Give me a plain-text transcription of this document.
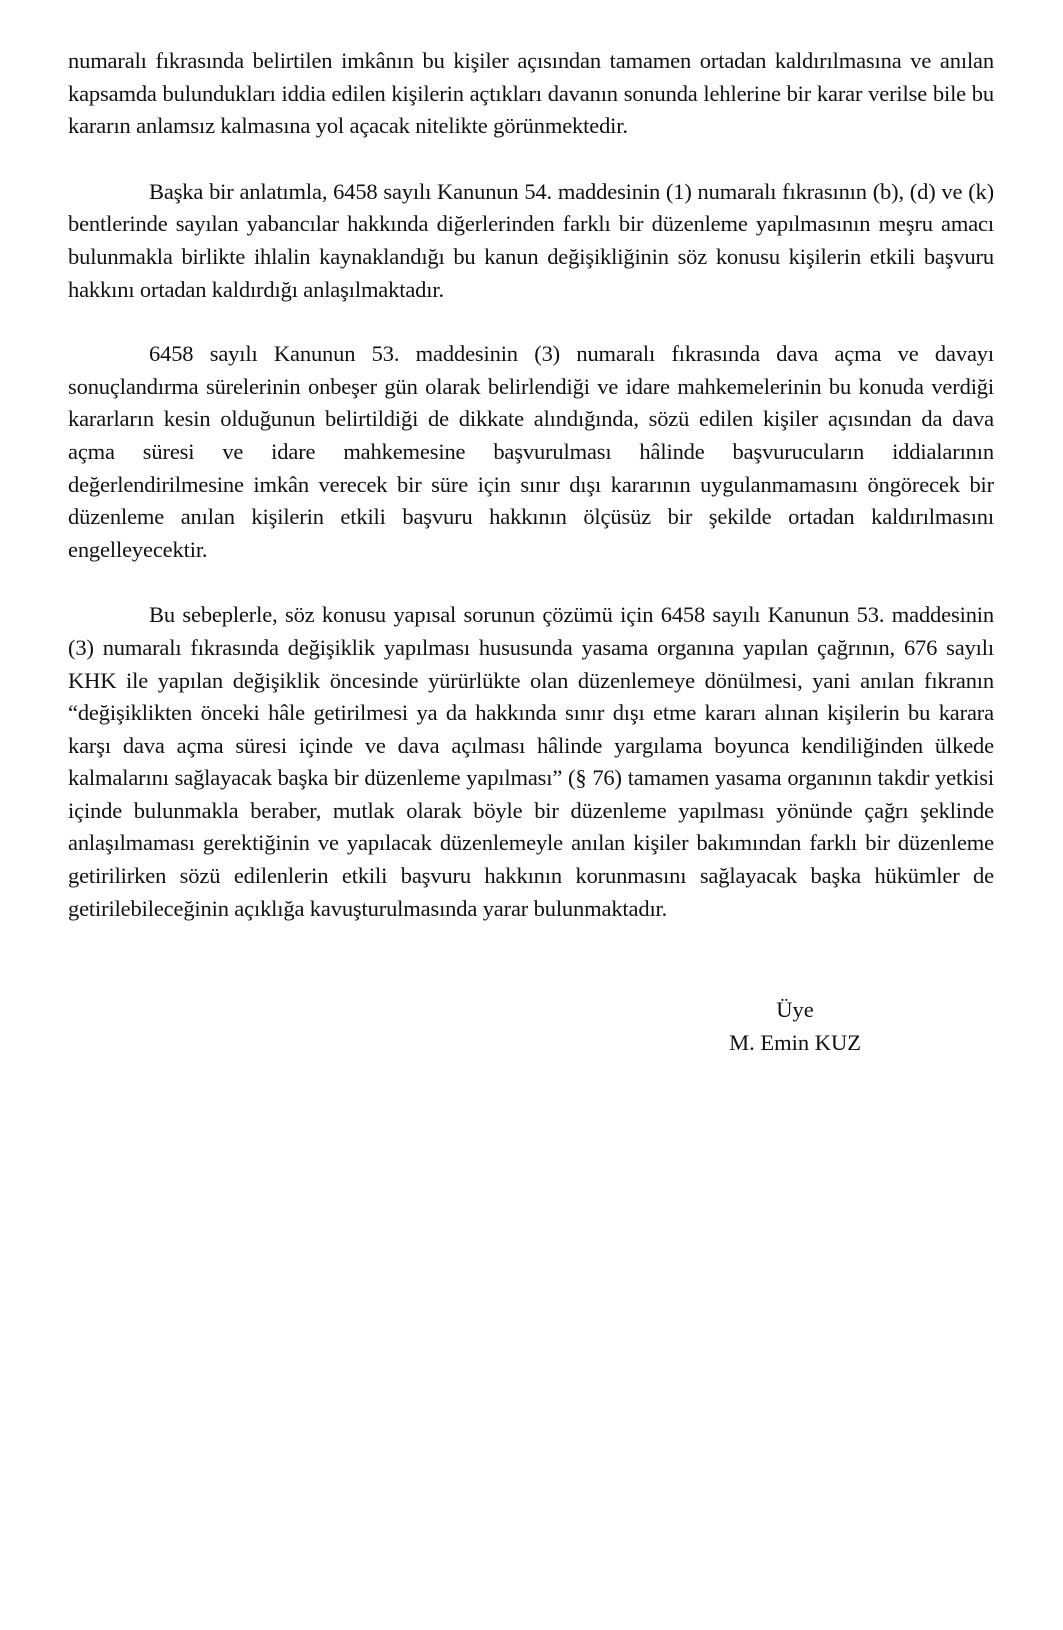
numaralı fıkrasında belirtilen imkânın bu kişiler açısından tamamen ortadan kaldırılmasına ve anılan kapsamda bulundukları iddia edilen kişilerin açtıkları davanın sonunda lehlerine bir karar verilse bile bu kararın anlamsız kalmasına yol açacak nitelikte görünmektedir.

Başka bir anlatımla, 6458 sayılı Kanunun 54. maddesinin (1) numaralı fıkrasının (b), (d) ve (k) bentlerinde sayılan yabancılar hakkında diğerlerinden farklı bir düzenleme yapılmasının meşru amacı bulunmakla birlikte ihlalin kaynaklandığı bu kanun değişikliğinin söz konusu kişilerin etkili başvuru hakkını ortadan kaldırdığı anlaşılmaktadır.

6458 sayılı Kanunun 53. maddesinin (3) numaralı fıkrasında dava açma ve davayı sonuçlandırma sürelerinin onbeşer gün olarak belirlendiği ve idare mahkemelerinin bu konuda verdiği kararların kesin olduğunun belirtildiği de dikkate alındığında, sözü edilen kişiler açısından da dava açma süresi ve idare mahkemesine başvurulması hâlinde başvurucuların iddialarının değerlendirilmesine imkân verecek bir süre için sınır dışı kararının uygulanmamasını öngörecek bir düzenleme anılan kişilerin etkili başvuru hakkının ölçüsüz bir şekilde ortadan kaldırılmasını engelleyecektir.

Bu sebeplerle, söz konusu yapısal sorunun çözümü için 6458 sayılı Kanunun 53. maddesinin (3) numaralı fıkrasında değişiklik yapılması hususunda yasama organına yapılan çağrının, 676 sayılı KHK ile yapılan değişiklik öncesinde yürürlükte olan düzenlemeye dönülmesi, yani anılan fıkranın “değişiklikten önceki hâle getirilmesi ya da hakkında sınır dışı etme kararı alınan kişilerin bu karara karşı dava açma süresi içinde ve dava açılması hâlinde yargılama boyunca kendiliğinden ülkede kalmalarını sağlayacak başka bir düzenleme yapılması” (§ 76) tamamen yasama organının takdir yetkisi içinde bulunmakla beraber, mutlak olarak böyle bir düzenleme yapılması yönünde çağrı şeklinde anlaşılmaması gerektiğinin ve yapılacak düzenlemeyle anılan kişiler bakımından farklı bir düzenleme getirilirken sözü edilenlerin etkili başvuru hakkının korunmasını sağlayacak başka hükümler de getirilebileceğinin açıklığa kavuşturulmasında yarar bulunmaktadır.

Üye
M. Emin KUZ
